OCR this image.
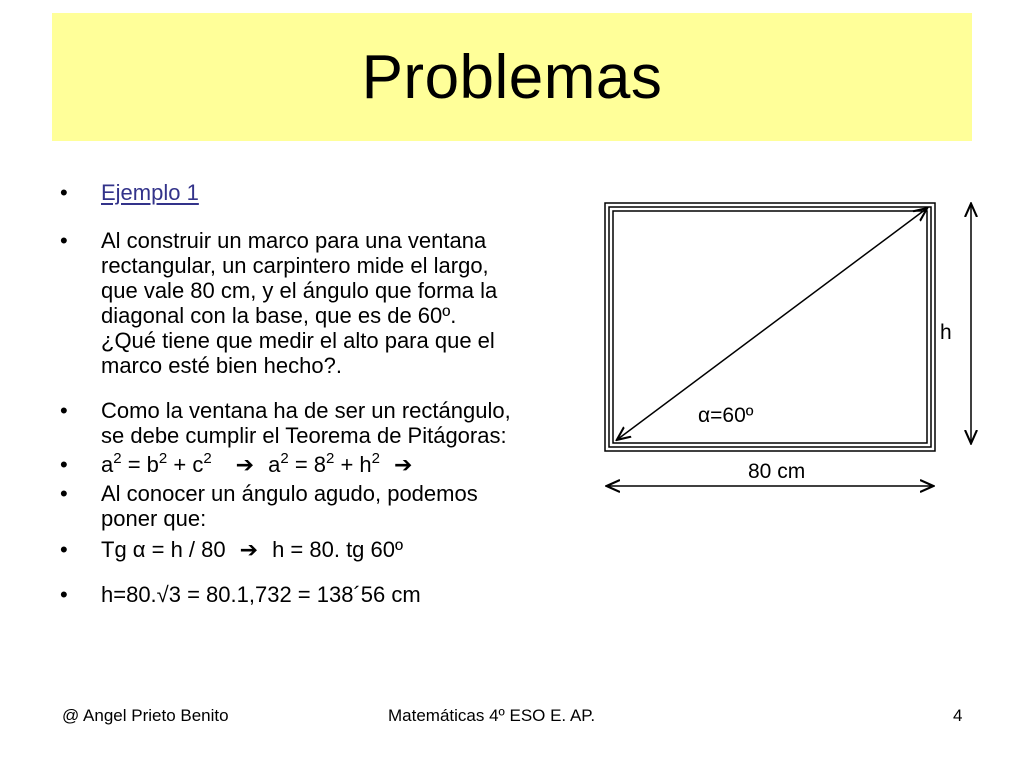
Problemas
• Ejemplo 1
• Al construir un marco para una ventana
rectangular, un carpintero mide el largo,
que vale 80 cm, y el ángulo que forma la
diagonal con la base, que es de 60º.
¿Qué tiene que medir el alto para que el
marco esté bien hecho?.
• Como la ventana ha de ser un rectángulo,
se debe cumplir el Teorema de Pitágoras:
• $a^2 = b^2 + c^2$ ➔ $a^2 = 8^2 + h^2$ ➔
• Al conocer un ángulo agudo, podemos
poner que:
• Tg α = h / 80 ➔ h = 80. tg 60º
• h=80.√3 = 80.1,732 = 138´56 cm
h
α=60º
80 cm
@ Angel Prieto Benito	Matemáticas 4º ESO E. AP.	4
